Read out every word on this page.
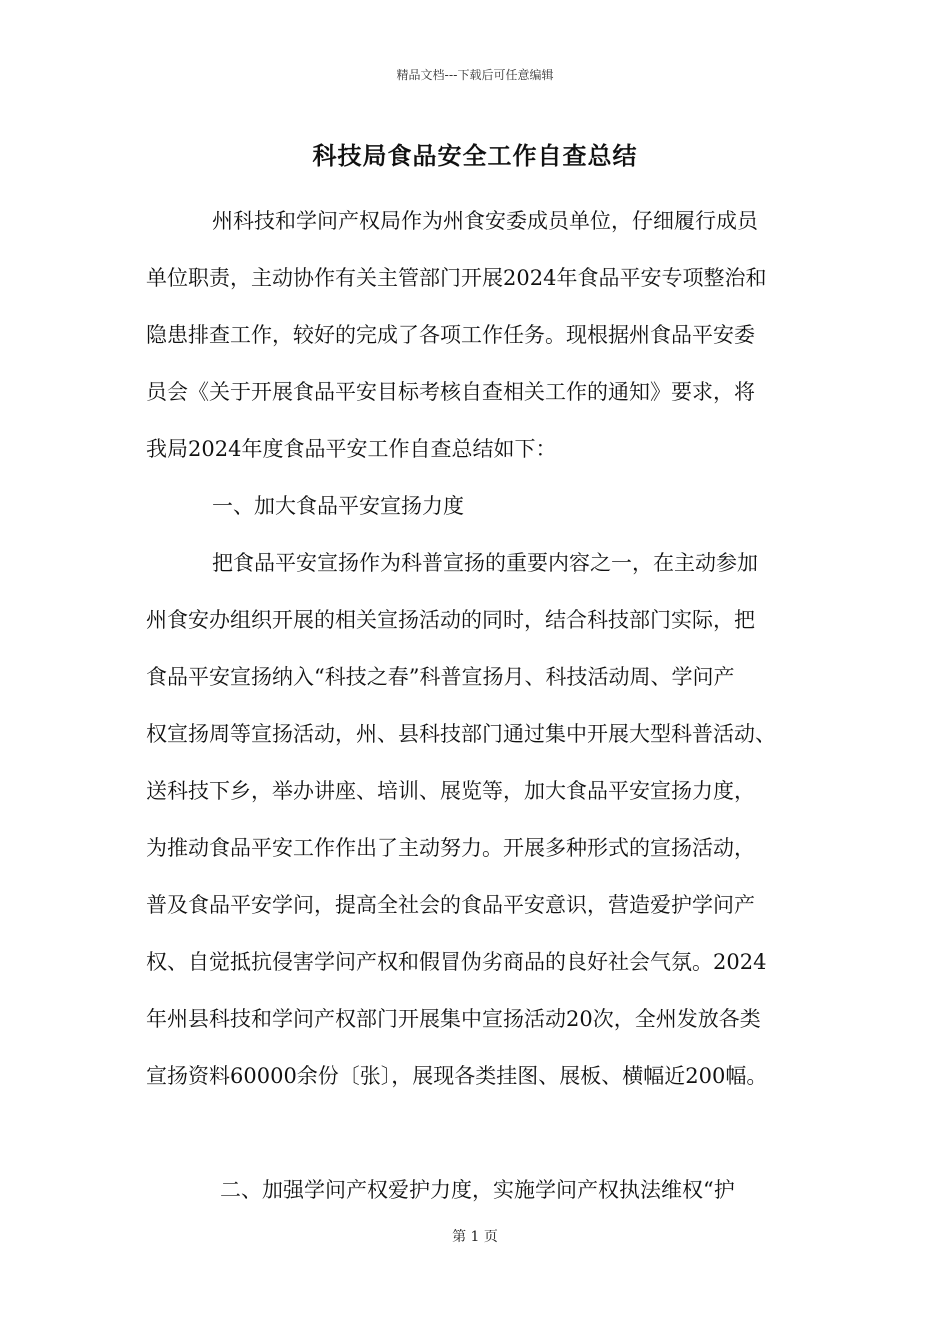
精品文档---下载后可任意编辑
科技局食品安全工作自查总结
州科技和学问产权局作为州食安委成员单位，仔细履行成员
单位职责，主动协作有关主管部门开展2024年食品平安专项整治和
隐患排查工作，较好的完成了各项工作任务。现根据州食品平安委
员会《关于开展食品平安目标考核自查相关工作的通知》要求，将
我局2024年度食品平安工作自查总结如下：
一、加大食品平安宣扬力度
把食品平安宣扬作为科普宣扬的重要内容之一，在主动参加
州食安办组织开展的相关宣扬活动的同时，结合科技部门实际，把
食品平安宣扬纳入“科技之春”科普宣扬月、科技活动周、学问产
权宣扬周等宣扬活动，州、县科技部门通过集中开展大型科普活动、
送科技下乡，举办讲座、培训、展览等，加大食品平安宣扬力度，
为推动食品平安工作作出了主动努力。开展多种形式的宣扬活动，
普及食品平安学问，提高全社会的食品平安意识，营造爱护学问产
权、自觉抵抗侵害学问产权和假冒伪劣商品的良好社会气氛。2024
年州县科技和学问产权部门开展集中宣扬活动20次，全州发放各类
宣扬资料60000余份〔张〕，展现各类挂图、展板、横幅近200幅。
二、加强学问产权爱护力度，实施学问产权执法维权“护
第 1 页
